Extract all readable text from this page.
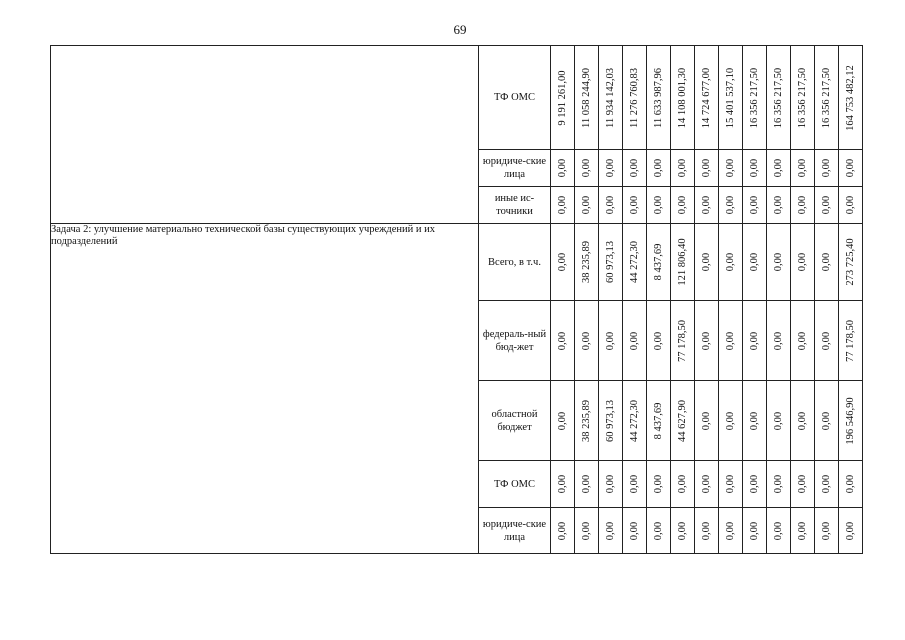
69
	ТФ ОМС	9 191 261,00	11 058 244,90	11 934 142,03	11 276 760,83	11 633 987,96	14 108 001,30	14 724 677,00	15 401 537,10	16 356 217,50	16 356 217,50	16 356 217,50	16 356 217,50	164 753 482,12

	юридиче-ские лица	0,00	0,00	0,00	0,00	0,00	0,00	0,00	0,00	0,00	0,00	0,00	0,00	0,00

	иные ис-точники	0,00	0,00	0,00	0,00	0,00	0,00	0,00	0,00	0,00	0,00	0,00	0,00	0,00

Задача 2: улучшение материально технической базы существующих учреждений и их подразделений	Всего, в т.ч.	0,00	38 235,89	60 973,13	44 272,30	8 437,69	121 806,40	0,00	0,00	0,00	0,00	0,00	0,00	273 725,40

	федераль-ный бюд-жет	0,00	0,00	0,00	0,00	0,00	77 178,50	0,00	0,00	0,00	0,00	0,00	0,00	77 178,50

	областной бюджет	0,00	38 235,89	60 973,13	44 272,30	8 437,69	44 627,90	0,00	0,00	0,00	0,00	0,00	0,00	196 546,90

	ТФ ОМС	0,00	0,00	0,00	0,00	0,00	0,00	0,00	0,00	0,00	0,00	0,00	0,00	0,00

	юридиче-ские лица	0,00	0,00	0,00	0,00	0,00	0,00	0,00	0,00	0,00	0,00	0,00	0,00	0,00
